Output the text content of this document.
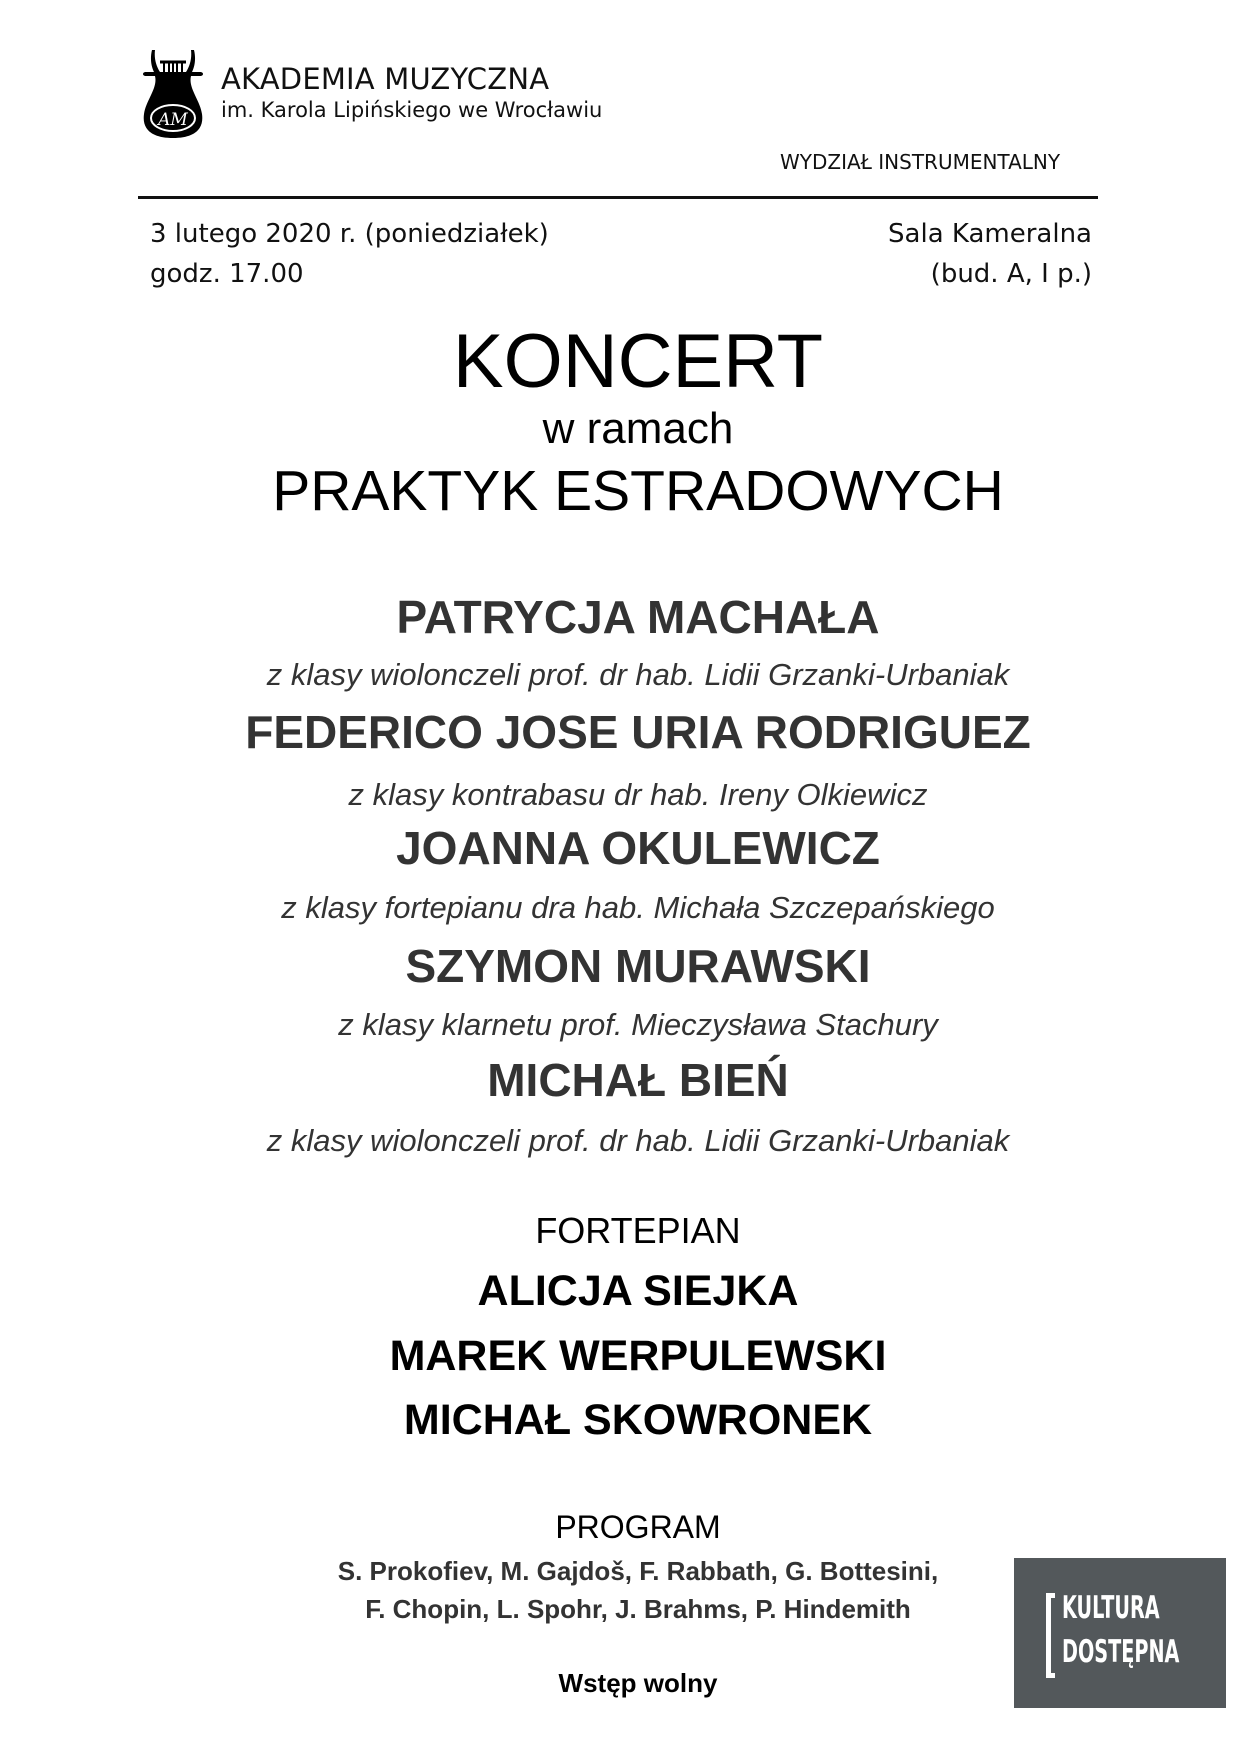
AM
AKADEMIA MUZYCZNA
im. Karola Lipińskiego we Wrocławiu
WYDZIAŁ INSTRUMENTALNY
3 lutego 2020 r. (poniedziałek)
godz. 17.00
Sala Kameralna
(bud. A, I p.)
KONCERT
w ramach
PRAKTYK ESTRADOWYCH
PATRYCJA MACHAŁA
z klasy wiolonczeli prof. dr hab. Lidii Grzanki-Urbaniak
FEDERICO JOSE URIA RODRIGUEZ
z klasy kontrabasu dr hab. Ireny Olkiewicz
JOANNA OKULEWICZ
z klasy fortepianu dra hab. Michała Szczepańskiego
SZYMON MURAWSKI
z klasy klarnetu prof. Mieczysława Stachury
MICHAŁ BIEŃ
z klasy wiolonczeli prof. dr hab. Lidii Grzanki-Urbaniak
FORTEPIAN
ALICJA SIEJKA
MAREK WERPULEWSKI
MICHAŁ SKOWRONEK
PROGRAM
S. Prokofiev, M. Gajdoš, F. Rabbath, G. Bottesini,
F. Chopin, L. Spohr, J. Brahms, P. Hindemith
Wstęp wolny
KULTURA
DOSTĘPNA
